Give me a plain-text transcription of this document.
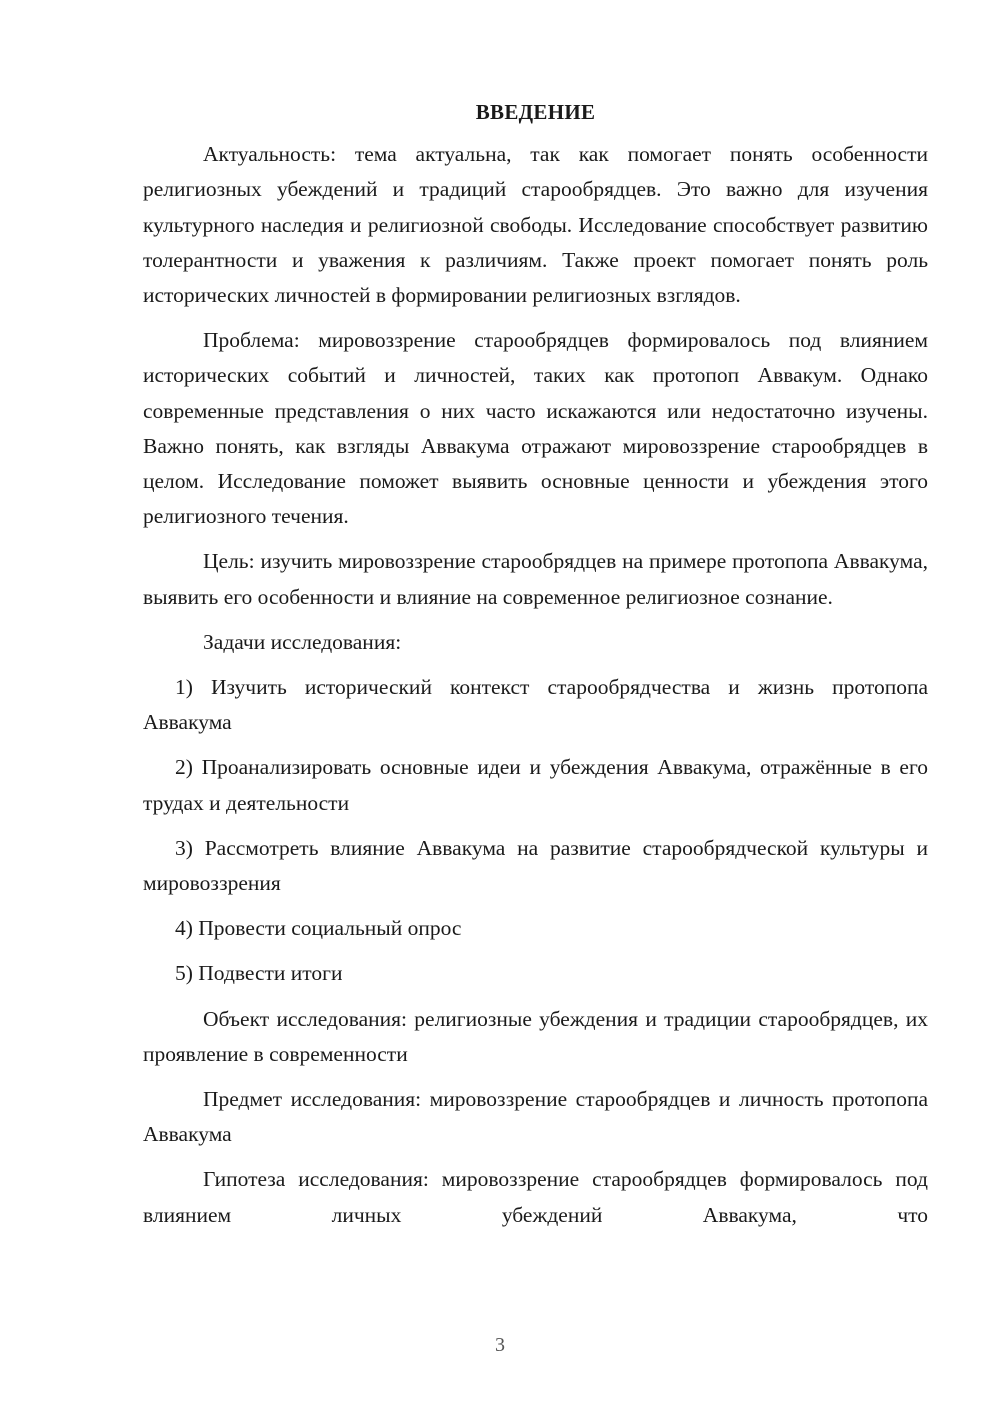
ВВЕДЕНИЕ

Актуальность: тема актуальна, так как помогает понять особенности религиозных убеждений и традиций старообрядцев. Это важно для изучения культурного наследия и религиозной свободы. Исследование способствует развитию толерантности и уважения к различиям. Также проект помогает понять роль исторических личностей в формировании религиозных взглядов.

Проблема: мировоззрение старообрядцев формировалось под влиянием исторических событий и личностей, таких как протопоп Аввакум. Однако современные представления о них часто искажаются или недостаточно изучены. Важно понять, как взгляды Аввакума отражают мировоззрение старообрядцев в целом. Исследование поможет выявить основные ценности и убеждения этого религиозного течения.

Цель: изучить мировоззрение старообрядцев на примере протопопа Аввакума, выявить его особенности и влияние на современное религиозное сознание.

Задачи исследования:

1) Изучить исторический контекст старообрядчества и жизнь протопопа Аввакума

2) Проанализировать основные идеи и убеждения Аввакума, отражённые в его трудах и деятельности

3) Рассмотреть влияние Аввакума на развитие старообрядческой культуры и мировоззрения

4) Провести социальный опрос

5) Подвести итоги

Объект исследования: религиозные убеждения и традиции старообрядцев, их проявление в современности

Предмет исследования: мировоззрение старообрядцев и личность протопопа Аввакума

Гипотеза исследования: мировоззрение старообрядцев формировалось под влиянием личных убеждений Аввакума, что

3
